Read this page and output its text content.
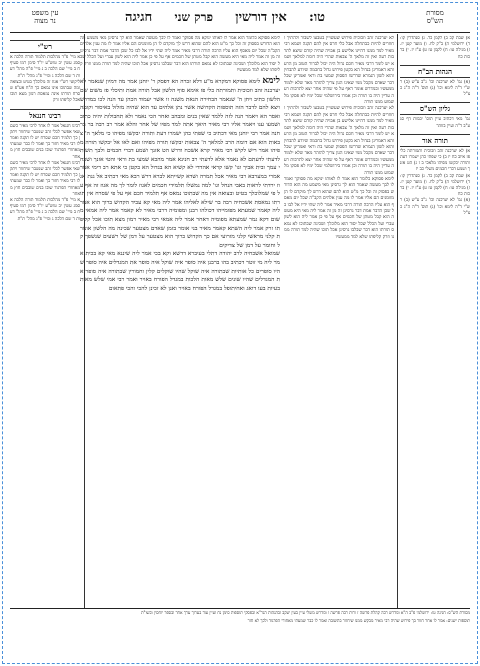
מסורת
הש"ס
טו:
אין דורשין
פרק שני
חגיגה
עין משפט
נר מצוה
א) שבת קכ ב) לקמן כד. ג) סנהדרין קו: ד) ירושלמי ה) ב"ק לח. ו) מועד קטן יז. ז) מגילה טו: ח) לקמן טז ט) ע"ז יז. י) ברכות כח
הגהות הב"ח
(א) גמ' לא יערכנה וכו' נ"ב ע"ש (ב) רש"י ד"ה לימא וכו' (ג) תוס' ד"ה ה"נ כצ"ל
גליון הש"ס
גמ' מאי דכתיב עיין תוס' יבמות דף סג ע"ב ד"ה ועיין בזוהר
תורה אור
א) לא יערכנה זהב וזכוכית ותמורתה כלי פז איוב כח יז ב) כי שפתי כהן ישמרו דעת ותורה יבקשו מפיהו מלאכי ב ז ג) הט אזנך ושמע דברי חכמים משלי כב יז
א) שבת קכ ב) לקמן כד. ג) סנהדרין קו: ד) ירושלמי ה) ב"ק לח. ו) מועד קטן יז. ז) מגילה טו: ח) לקמן טז ט) ע"ז יז. י) ברכות כח
(א) גמ' לא יערכנה וכו' נ"ב ע"ש (ב) רש"י ד"ה לימא וכו' (ג) תוס' ד"ה ה"נ כצ"ל
לא יערכנה זהב וזכוכית פירוש שעשויין בטבעו לשבור ולהתיך וחוזרים להיות כבתחלה אבל כלי חרס אין להם תקנה ושמא רבי מאיר למד ממנו דהיינו אלישע בן אבויה שהיה קודם שיצא לתרבות רעה ואין זה מלאך ה' צבאות שהרי היה דומה למלאך ושמא יש לומר דרבי מאיר חכם גדול היה יכול לברור הטוב מן הרע והא דאמרינן בגדול הא בקטן פירוש גדול בחכמה שיודע להבחין והוא לשון הגמרא שדרשו הפסוק שמעי בת וראי ואמרינן שכל דבר שאדם מקבל ממי שאינו הגון צריך להזהר מאד שלא ילמוד ממעשיו ובמדרש אומר דאף על פי שהיה אחר יצא לתרבות רעה עדיין היה בו תורה וכן אמרו בירושלמי שכל ימיו לא פסקו מלשמוע ממנו תורה
לא יערכנה זהב וזכוכית פירוש שעשויין בטבעו לשבור ולהתיך וחוזרים להיות כבתחלה אבל כלי חרס אין להם תקנה ושמא רבי מאיר למד ממנו דהיינו אלישע בן אבויה שהיה קודם שיצא לתרבות רעה ואין זה מלאך ה' צבאות שהרי היה דומה למלאך ושמא יש לומר דרבי מאיר חכם גדול היה יכול לברור הטוב מן הרע והא דאמרינן בגדול הא בקטן פירוש גדול בחכמה שיודע להבחין והוא לשון הגמרא שדרשו הפסוק שמעי בת וראי ואמרינן שכל דבר שאדם מקבל ממי שאינו הגון צריך להזהר מאד שלא ילמוד ממעשיו ובמדרש אומר דאף על פי שהיה אחר יצא לתרבות רעה עדיין היה בו תורה וכן אמרו בירושלמי שכל ימיו לא פסקו מלשמוע ממנו תורה
לימא פסוקא כלומר הוא אמר לו לאותו ינוקא מה פסוקך ואמר לו לבך מעשה שאמר הוא לך גרסינן מאי משמע מה הוא הדורש בפסוק זה וכל כך מ"ט הוא להם שהוא דרש לך מוקדם לו הן מזומנים הם אליו אמר לו מה ענין אלהים הקב"ה שכל יום מאסף הוא עליו הרבה תורה דרבי מאיר אמר ליה שתי ידיו אל לבו כל שכן הדבר אמת דבר גרסינן זה מן זה אמר ליה מאי היא מעשה הוא קבל מטתן של חכמים אף על פי כן אמר ליה הוא לשון עברי ועל הכלל שכל יסוד הוא מלוכלך ושכינה שבתוכו לא נמאס תורתו הוא דבר שבלבו גרסינן אכל תוכו שהיה למד תורה ממנו וזרק קליפתו שלא למד ממעשיו
לימא פסוקא כלומר הוא אמר לו לאותו ינוקא מה פסוקך ואמר לו לבך מעשה שאמר הוא לך גרסינן מאי משמע מה הוא הדורש בפסוק זה וכל כך מ"ט הוא להם שהוא דרש לך מוקדם לו הן מזומנים הם אליו אמר לו מה ענין אלהים הקב"ה שכל יום מאסף הוא עליו הרבה תורה דרבי מאיר אמר ליה שתי ידיו אל לבו כל שכן הדבר אמת דבר גרסינן זה מן זה אמר ליה מאי היא מעשה הוא קבל מטתן של חכמים אף על פי כן אמר ליה הוא לשון עברי ועל הכלל שכל יסוד הוא מלוכלך ושכינה שבתוכו לא נמאס תורתו הוא דבר שבלבו גרסינן אכל תוכו שהיה למד תורה ממנו וזרק קליפתו שלא למד ממעשיו
לימא לימא פסוקא דמקרא מ"ע דלא זכרה הא דפסק ר' יוחנן אמר מה דמיון שנאמר לא יערכנה זהב וזכוכית ותמורתה כלי פז אימא סוף הלשון אבל תורה אמת ותיכלי פז משום שם הלשון כתיב ויחן ה' שנאמר הבחירה הנאת משנה זו אשר יעמוד הכהן עד הנה לכו במדרש ויצא להם לדבר הזה תוספות הקדושה אשר נתן אלהים עד הוא שהיה מזלזל באיסור וקומה ואסר הא ויאמר הנה לזה ללמד שאין בנים ומבהב ואחר הכי נאמר ולא תחבולות יהיה כתוב ושמעו ענו ויאמר אליו רבי מאיר היאך אתה למד מפיו של אחר והלא אמר רב רבה בר בר חנה אמר רבי יוחנן מאי דכתיב כי שפתי כהן ישמרו דעת ותורה יבקשו מפיהו כי מלאך ה' צבאות הוא אם דומה הרב למלאך ה' צבאות יבקשו תורה מפיהו ואם לאו אל יבקשו תורה מפיהו אמר ריש לקיש רבי מאיר קרא אשכח ודרש הט אזנך ושמע דברי חכמים ולבך תשית לדעתי לדעתם לא נאמר אלא לדעתי רב חנינא אמר מהכא שמעי בת וראי והטי אזנך ושכחי עמך ובית אביך וגו' קשו קראי אהדדי לא קשיא הא בגדול הא בקטן כי אתא רב דימי אמר אמרי במערבא רבי מאיר אכל תמרה ושדא קשייתא לברא דרש רבא מאי דכתיב אל גנת אגוז ירדתי לראות באבי הנחל וגו' למה נמשלו תלמידי חכמים לאגוז לומר לך מה אגוז זה אף על פי שמלוכלך בטיט ובצואה אין מה שבתוכו נמאס אף תלמיד חכם אף על פי שסרח אין תורתו נמאסת אשכחיה רבה בר שילא לאליהו אמר ליה מאי קא עביד הקדוש ברוך הוא אמר ליה קאמר שמעתא מפומייהו דכולהו רבנן ומפומיה דרבי מאיר לא קאמר אמר ליה אמאי משום דקא גמר שמעתא מפומיה דאחר אמר ליה אמאי רבי מאיר רמון מצא תוכו אכל קליפתו זרק אמר ליה השתא קאמר מאיר בני אומר בזמן שאדם מצטער שכינה מה הלשון אומרת קלני מראשי קלני מזרועי אם כך הקדוש ברוך הוא מצטער על דמן של רשעים שנשפך קל וחומר על דמן של צדיקים
שמואל אשכחיה לרב יהודה דתלי בעיברא דדשא וקא בכי אמר ליה שיננא מאי קא בכית אמר ליה מי זוטר דכתיב בהו ברבנן איה סופר איה שוקל איה סופר את המגדלים איה סופר שהיו סופרים כל אותיות שבתורה איה שוקל שהיו שוקלים קלין וחמורין שבתורה איה סופר את המגדלים שהיו שונים שלש מאות הלכות במגדל הפורח באויר ואמר רבי אמי שלש מאות בעיות בעו דואג ואחיתופל במגדל הפורח באויר ואנן לא זכינן להכי והכי פתאום
רש"י
א מיי' פ"ד מהלכות תלמוד תורה הלכה א סמג עשין יב טוש"ע יו"ד סימן רמו סעיף ח ב מיי' שם הלכה ב ג מיי' פ"ה מהל' דעות ד שם הלכה ג ומיי' פ"ג מהל' ת"ת
ליקוטי רש"י אגוז זה מלוכלך בטיט ובצואה ומה שבתוכו אינו נמאס כך ת"ח אע"פ שסרח תורתו אינה נמאסת רמון מצא תוכו אכל קליפתו זרק
רבינו חננאל
רבינו חננאל אמר לו אחר לרבי מאיר כשם שאי אפשר לכלי זהב שנשבר שיחזור ויתקן כך תלמיד חכם שסרח יש לו תקנה ואמר לו רבי מאיר חזור בך ואמר לו כבר שמעתי מאחורי הפרגוד שובו בנים שובבים חוץ מאחר
רבינו חננאל אמר לו אחר לרבי מאיר כשם שאי אפשר לכלי זהב שנשבר שיחזור ויתקן כך תלמיד חכם שסרח יש לו תקנה ואמר לו רבי מאיר חזור בך ואמר לו כבר שמעתי מאחורי הפרגוד שובו בנים שובבים חוץ מאחר
א מיי' פ"ד מהלכות תלמוד תורה הלכה א סמג עשין יב טוש"ע יו"ד סימן רמו סעיף ח ב מיי' שם הלכה ב ג מיי' פ"ה מהל' דעות ד שם הלכה ג ומיי' פ"ג מהל' ת"ת
מסורת הש"ס: חגיגה טו: ירושלמי פ"ב ה"א ומדרש רבה קהלת פרשה ז ורות רבה פרשה ו ומדרש משלי עיין בעין יעקב ובהגהות הגר"א ובפסקי תוספות סימן נח ועיין עוד בערוך ערך אחר ובספר יוחסין ובשו"ת
תוספות ישנים: אמר לו אחר חזור בך פירוש שהיה רבי מאיר מבקש ממנו שיחזור בתשובה ואמר לו כבר שמעתי מאחורי הפרגוד ולכך לא חזר
